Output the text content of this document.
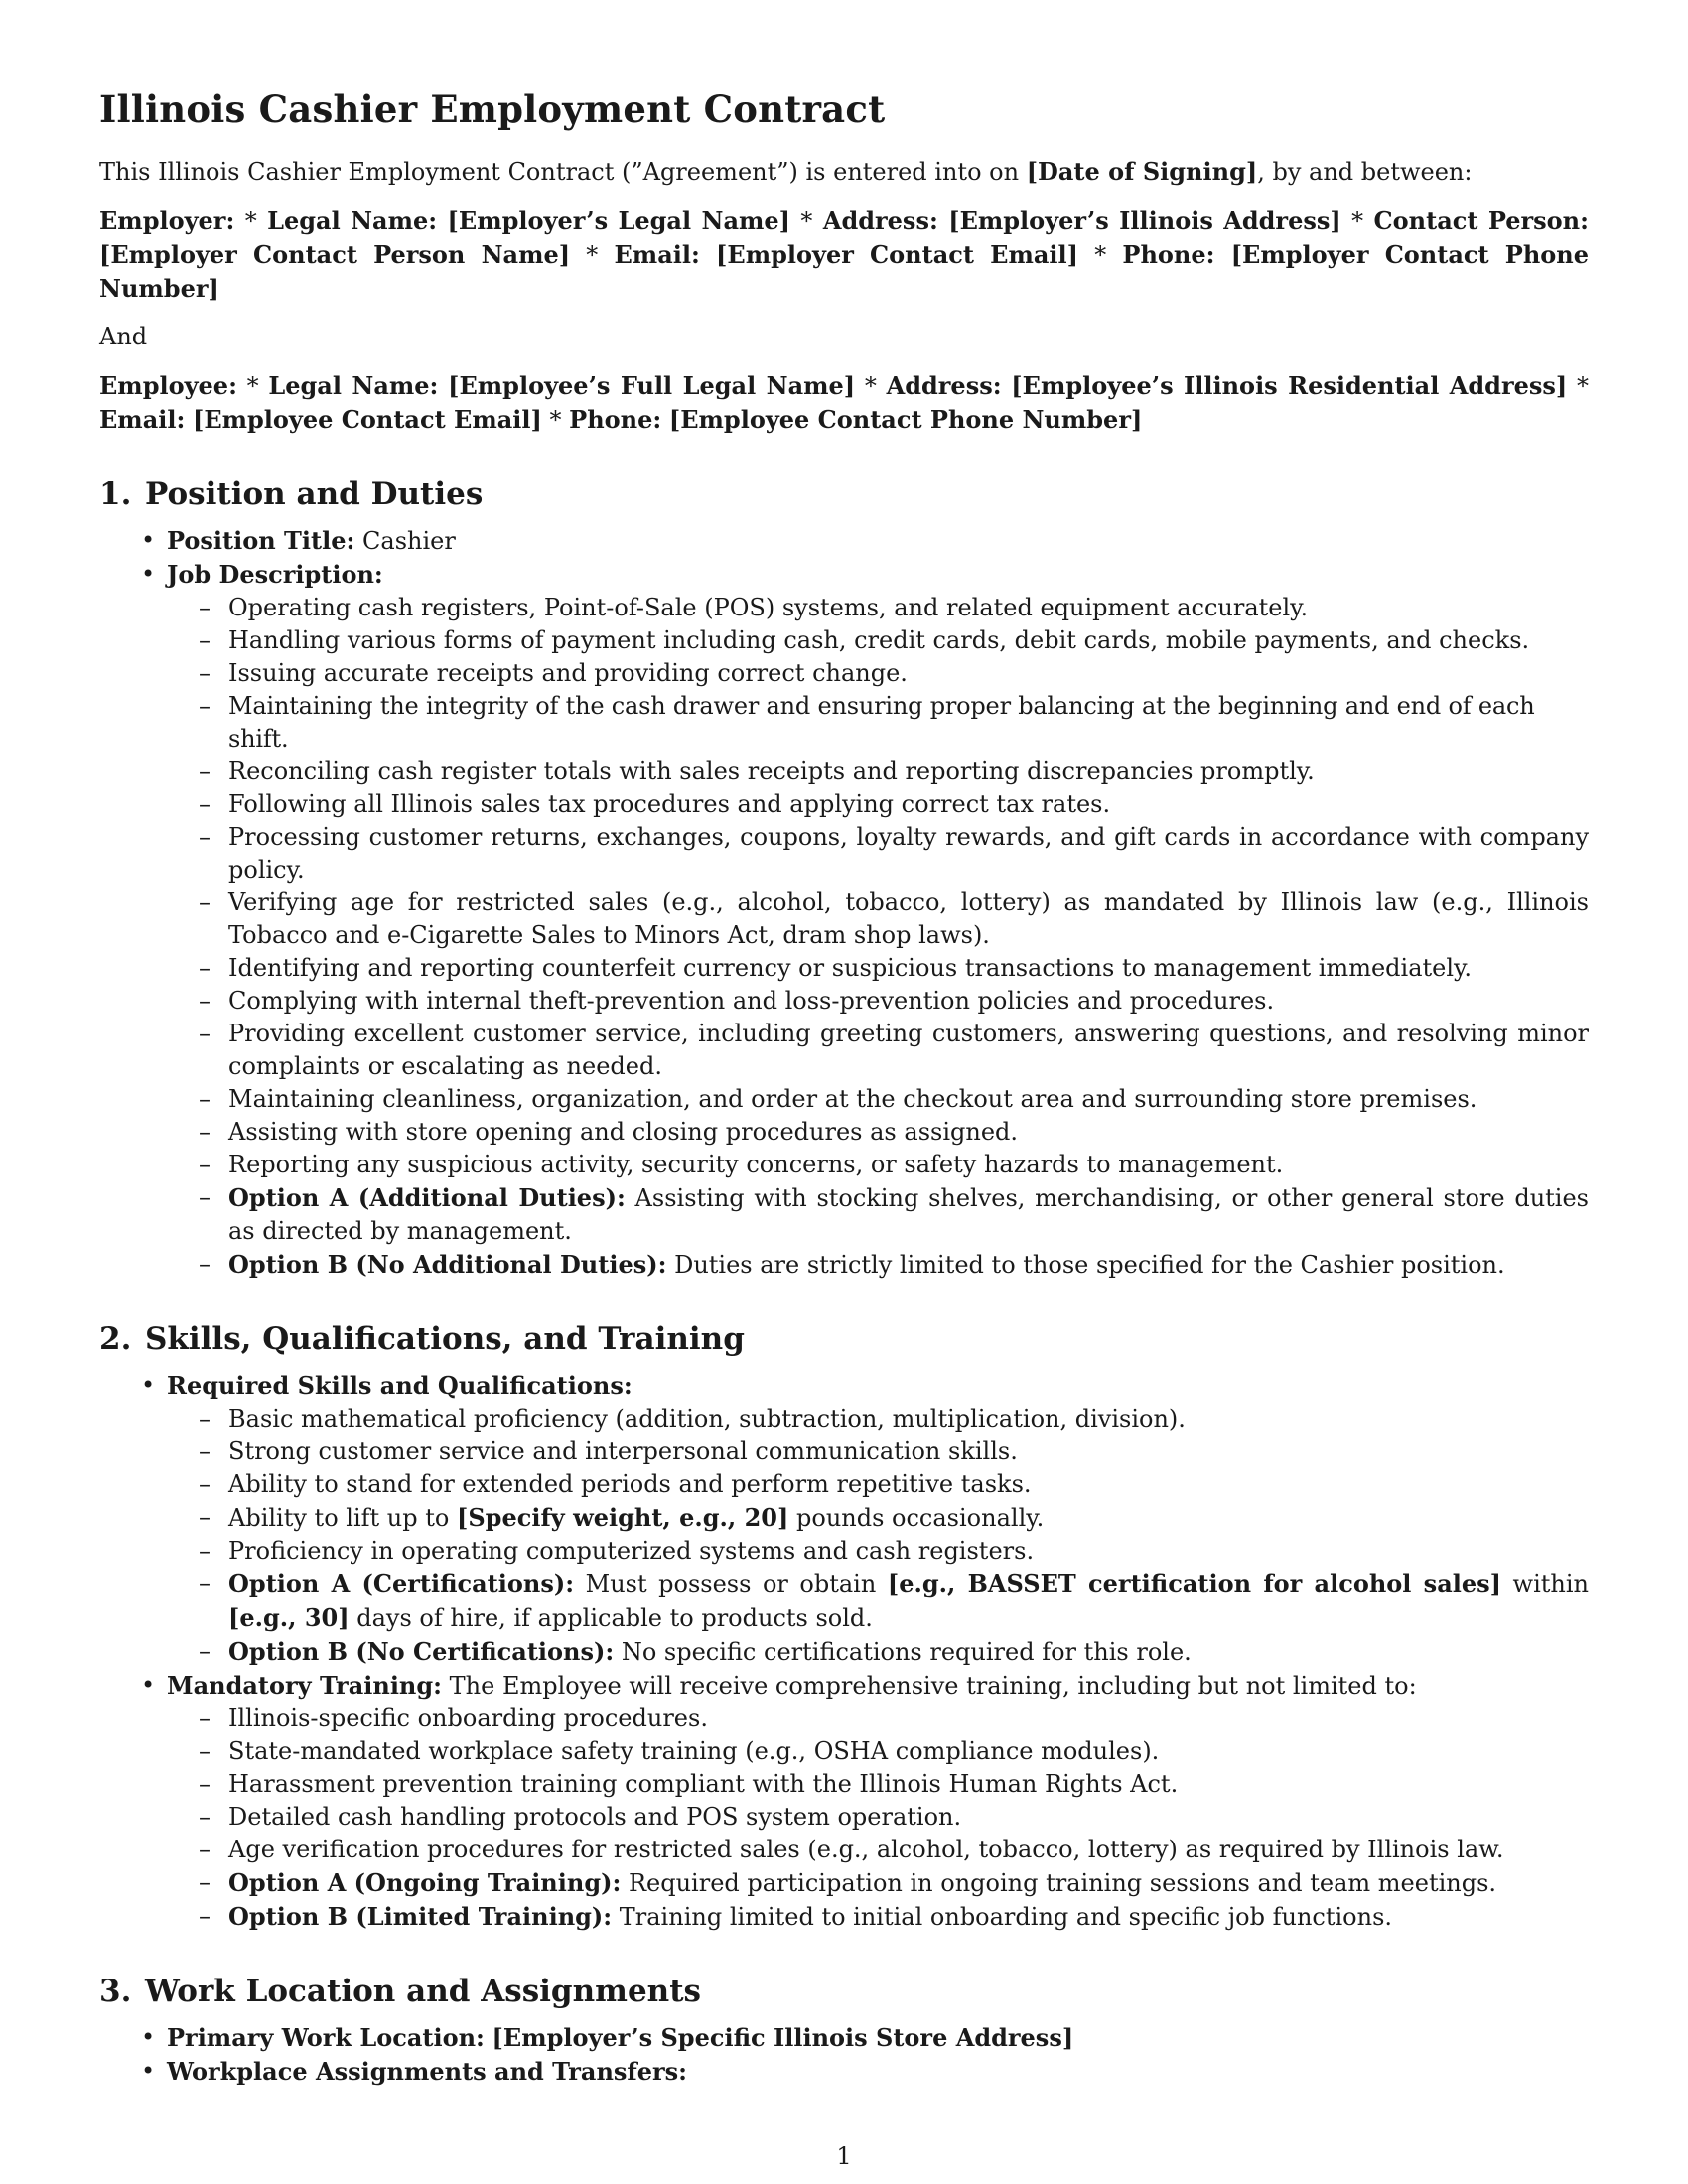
Illinois Cashier Employment Contract

This Illinois Cashier Employment Contract (”Agreement”) is entered into on [Date of Signing], by and between:

Employer: * Legal Name: [Employer’s Legal Name] * Address: [Employer’s Illinois Address] * Contact Person: [Employer Contact Person Name] * Email: [Employer Contact Email] * Phone: [Employer Contact Phone Number]

And

Employee: * Legal Name: [Employee’s Full Legal Name] * Address: [Employee’s Illinois Residential Address] * Email: [Employee Contact Email] * Phone: [Employee Contact Phone Number]

1. Position and Duties
• Position Title: Cashier
• Job Description:
– Operating cash registers, Point-of-Sale (POS) systems, and related equipment accurately.
– Handling various forms of payment including cash, credit cards, debit cards, mobile payments, and checks.
– Issuing accurate receipts and providing correct change.
– Maintaining the integrity of the cash drawer and ensuring proper balancing at the beginning and end of each shift.
– Reconciling cash register totals with sales receipts and reporting discrepancies promptly.
– Following all Illinois sales tax procedures and applying correct tax rates.
– Processing customer returns, exchanges, coupons, loyalty rewards, and gift cards in accordance with company policy.
– Verifying age for restricted sales (e.g., alcohol, tobacco, lottery) as mandated by Illinois law (e.g., Illinois Tobacco and e-Cigarette Sales to Minors Act, dram shop laws).
– Identifying and reporting counterfeit currency or suspicious transactions to management immediately.
– Complying with internal theft-prevention and loss-prevention policies and procedures.
– Providing excellent customer service, including greeting customers, answering questions, and resolving minor complaints or escalating as needed.
– Maintaining cleanliness, organization, and order at the checkout area and surrounding store premises.
– Assisting with store opening and closing procedures as assigned.
– Reporting any suspicious activity, security concerns, or safety hazards to management.
– Option A (Additional Duties): Assisting with stocking shelves, merchandising, or other general store duties as directed by management.
– Option B (No Additional Duties): Duties are strictly limited to those specified for the Cashier position.
2. Skills, Qualifications, and Training
• Required Skills and Qualifications:
– Basic mathematical proficiency (addition, subtraction, multiplication, division).
– Strong customer service and interpersonal communication skills.
– Ability to stand for extended periods and perform repetitive tasks.
– Ability to lift up to [Specify weight, e.g., 20] pounds occasionally.
– Proficiency in operating computerized systems and cash registers.
– Option A (Certifications): Must possess or obtain [e.g., BASSET certification for alcohol sales] within [e.g., 30] days of hire, if applicable to products sold.
– Option B (No Certifications): No specific certifications required for this role.
• Mandatory Training: The Employee will receive comprehensive training, including but not limited to:
– Illinois-specific onboarding procedures.
– State-mandated workplace safety training (e.g., OSHA compliance modules).
– Harassment prevention training compliant with the Illinois Human Rights Act.
– Detailed cash handling protocols and POS system operation.
– Age verification procedures for restricted sales (e.g., alcohol, tobacco, lottery) as required by Illinois law.
– Option A (Ongoing Training): Required participation in ongoing training sessions and team meetings.
– Option B (Limited Training): Training limited to initial onboarding and specific job functions.
3. Work Location and Assignments
• Primary Work Location: [Employer’s Specific Illinois Store Address]
• Workplace Assignments and Transfers:
1
